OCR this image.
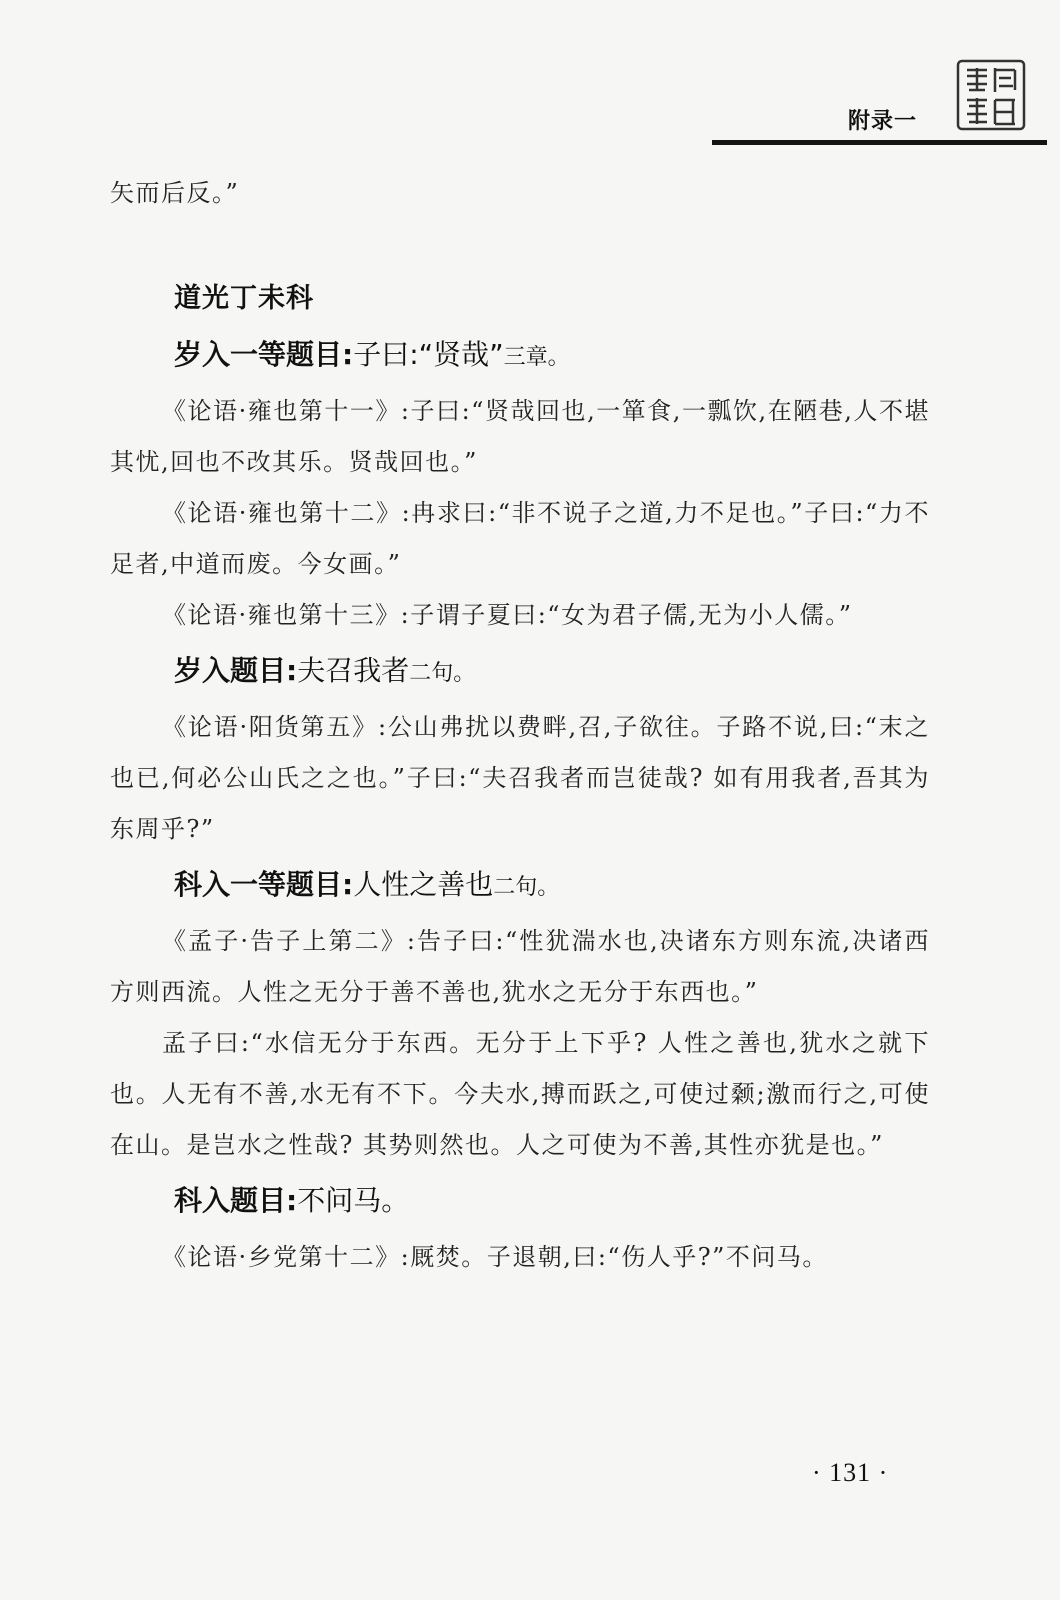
附录一

矢而后反。”

道光丁未科
岁入一等题目:子曰:“贤哉”三章。

《论语·雍也第十一》:子曰:“贤哉回也,一箪食,一瓢饮,在陋巷,人不堪其忧,回也不改其乐。贤哉回也。”

《论语·雍也第十二》:冉求曰:“非不说子之道,力不足也。”子曰:“力不足者,中道而废。今女画。”

《论语·雍也第十三》:子谓子夏曰:“女为君子儒,无为小人儒。”

岁入题目:夫召我者二句。

《论语·阳货第五》:公山弗扰以费畔,召,子欲往。子路不说,曰:“末之也已,何必公山氏之之也。”子曰:“夫召我者而岂徒哉? 如有用我者,吾其为东周乎?”

科入一等题目:人性之善也二句。

《孟子·告子上第二》:告子曰:“性犹湍水也,决诸东方则东流,决诸西方则西流。人性之无分于善不善也,犹水之无分于东西也。”

孟子曰:“水信无分于东西。无分于上下乎? 人性之善也,犹水之就下也。人无有不善,水无有不下。今夫水,搏而跃之,可使过颡;激而行之,可使在山。是岂水之性哉? 其势则然也。人之可使为不善,其性亦犹是也。”

科入题目:不问马。

《论语·乡党第十二》:厩焚。子退朝,曰:“伤人乎?”不问马。

· 131 ·
